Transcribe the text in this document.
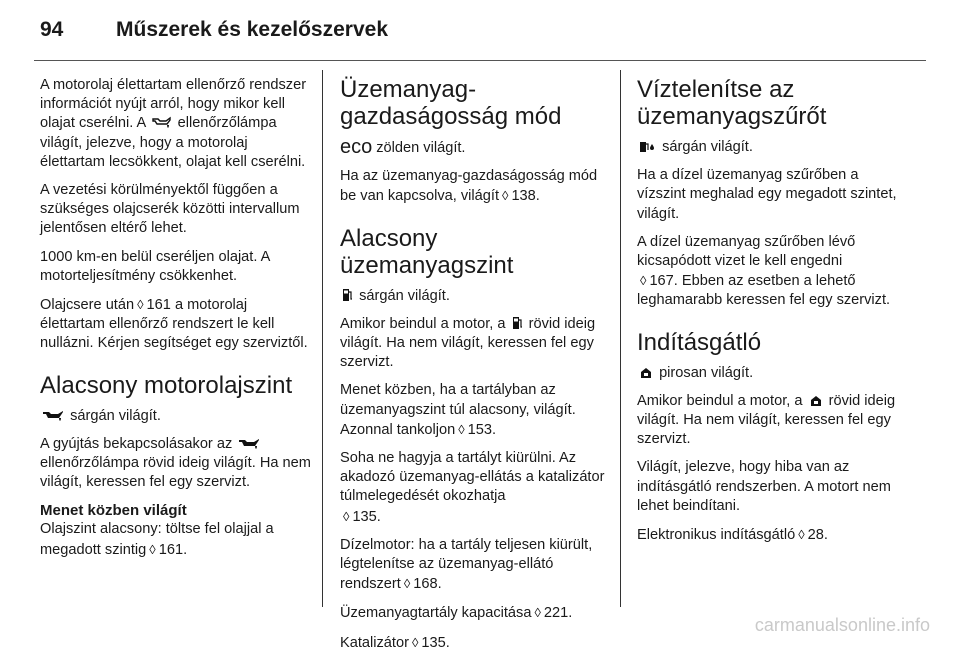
94	Műszerek és kezelőszervek

A motorolaj élettartam ellenőrző rendszer információt nyújt arról, hogy mikor kell olajat cserélni. A ellenőrzőlámpa világít, jelezve, hogy a motorolaj élettartam lecsökkent, olajat kell cserélni.

A vezetési körülményektől függően a szükséges olajcserék közötti intervallum jelentősen eltérő lehet.

1000 km-en belül cseréljen olajat. A motorteljesítmény csökkenhet.

Olajcsere után ◊ 161 a motorolaj élettartam ellenőrző rendszert le kell nullázni. Kérjen segítséget egy szerviztől.

Alacsony motorolajszint

sárgán világít.

A gyújtás bekapcsolásakor az  ellenőrzőlámpa rövid ideig világít. Ha nem világít, keressen fel egy szervizt.

Menet közben világít

Olajszint alacsony: töltse fel olajjal a megadott szintig ◊ 161.

Üzemanyag-gazdaságosság mód

eco zölden világít.

Ha az üzemanyag-gazdaságosság mód be van kapcsolva, világít ◊ 138.

Alacsony üzemanyagszint

sárgán világít.

Amikor beindul a motor, a rövid ideig világít. Ha nem világít, keressen fel egy szervizt.

Menet közben, ha a tartályban az üzemanyagszint túl alacsony, világít. Azonnal tankoljon ◊ 153.

Soha ne hagyja a tartályt kiürülni. Az akadozó üzemanyag-ellátás a katalizátor túlmelegedését okozhatja
◊ 135.

Dízelmotor: ha a tartály teljesen kiürült, légtelenítse az üzemanyag-ellátó rendszert ◊ 168.

Üzemanyagtartály kapacitása ◊ 221.

Katalizátor ◊ 135.

Víztelenítse az üzemanyagszűrőt

sárgán világít.

Ha a dízel üzemanyag szűrőben a vízszint meghalad egy megadott szintet, világít.

A dízel üzemanyag szűrőben lévő kicsapódott vizet le kell engedni
◊ 167. Ebben az esetben a lehető leghamarabb keressen fel egy szervizt.

Indításgátló

pirosan világít.

Amikor beindul a motor, a rövid ideig világít. Ha nem világít, keressen fel egy szervizt.

Világít, jelezve, hogy hiba van az indításgátló rendszerben. A motort nem lehet beindítani.

Elektronikus indításgátló ◊ 28.

carmanualsonline.info
